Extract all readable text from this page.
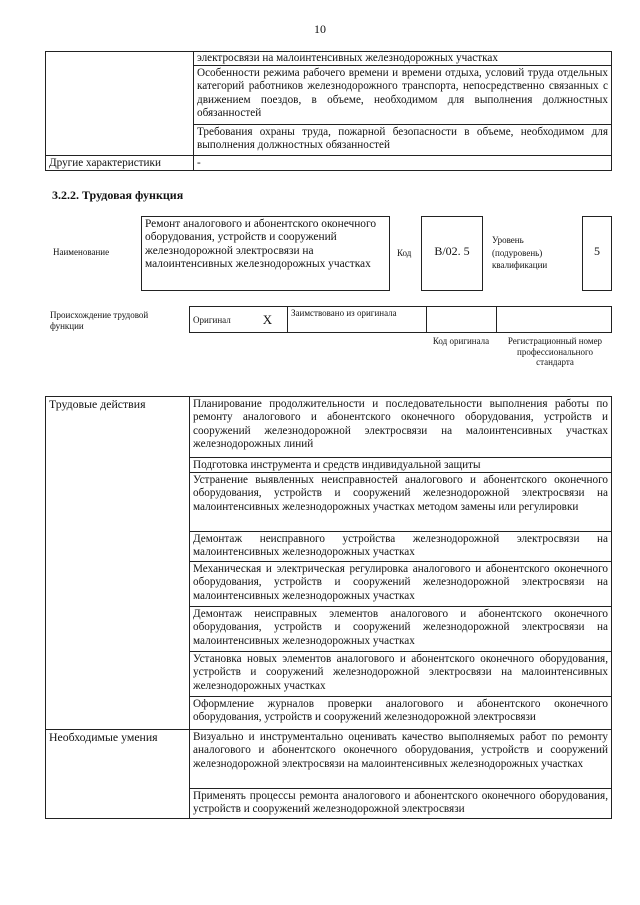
10
электросвязи на малоинтенсивных железнодорожных участках
Особенности режима рабочего времени и времени отдыха, условий труда отдельных категорий работников железнодорожного транспорта, непосредственно связанных с движением поездов, в объеме, необходимом для выполнения должностных обязанностей
Требования охраны труда, пожарной безопасности в объеме, необходимом для выполнения должностных обязанностей
Другие характеристики	-
3.2.2. Трудовая функция
Наименование
Ремонт аналогового и абонентского оконечного оборудования, устройств и сооружений железнодорожной электросвязи на малоинтенсивных железнодорожных участках
Код	В/02. 5
Уровень (подуровень) квалификации
5
Происхождение трудовой функции
Оригинал	X	Заимствовано из оригинала
Код оригинала	Регистрационный номер профессионального стандарта
Трудовые действия	Планирование продолжительности и последовательности выполнения работы по ремонту аналогового и абонентского оконечного оборудования, устройств и сооружений железнодорожной электросвязи на малоинтенсивных участках железнодорожных линий
Подготовка инструмента и средств индивидуальной защиты
Устранение выявленных неисправностей аналогового и абонентского оконечного оборудования, устройств и сооружений железнодорожной электросвязи на малоинтенсивных железнодорожных участках методом замены или регулировки
Демонтаж неисправного устройства железнодорожной электросвязи на малоинтенсивных железнодорожных участках
Механическая и электрическая регулировка аналогового и абонентского оконечного оборудования, устройств и сооружений железнодорожной электросвязи на малоинтенсивных железнодорожных участках
Демонтаж неисправных элементов аналогового и абонентского оконечного оборудования, устройств и сооружений железнодорожной электросвязи на малоинтенсивных железнодорожных участках
Установка новых элементов аналогового и абонентского оконечного оборудования, устройств и сооружений железнодорожной электросвязи на малоинтенсивных железнодорожных участках
Оформление журналов проверки аналогового и абонентского оконечного оборудования, устройств и сооружений железнодорожной электросвязи
Необходимые умения	Визуально и инструментально оценивать качество выполняемых работ по ремонту аналогового и абонентского оконечного оборудования, устройств и сооружений железнодорожной электросвязи на малоинтенсивных железнодорожных участках
Применять процессы ремонта аналогового и абонентского оконечного оборудования, устройств и сооружений железнодорожной электросвязи
